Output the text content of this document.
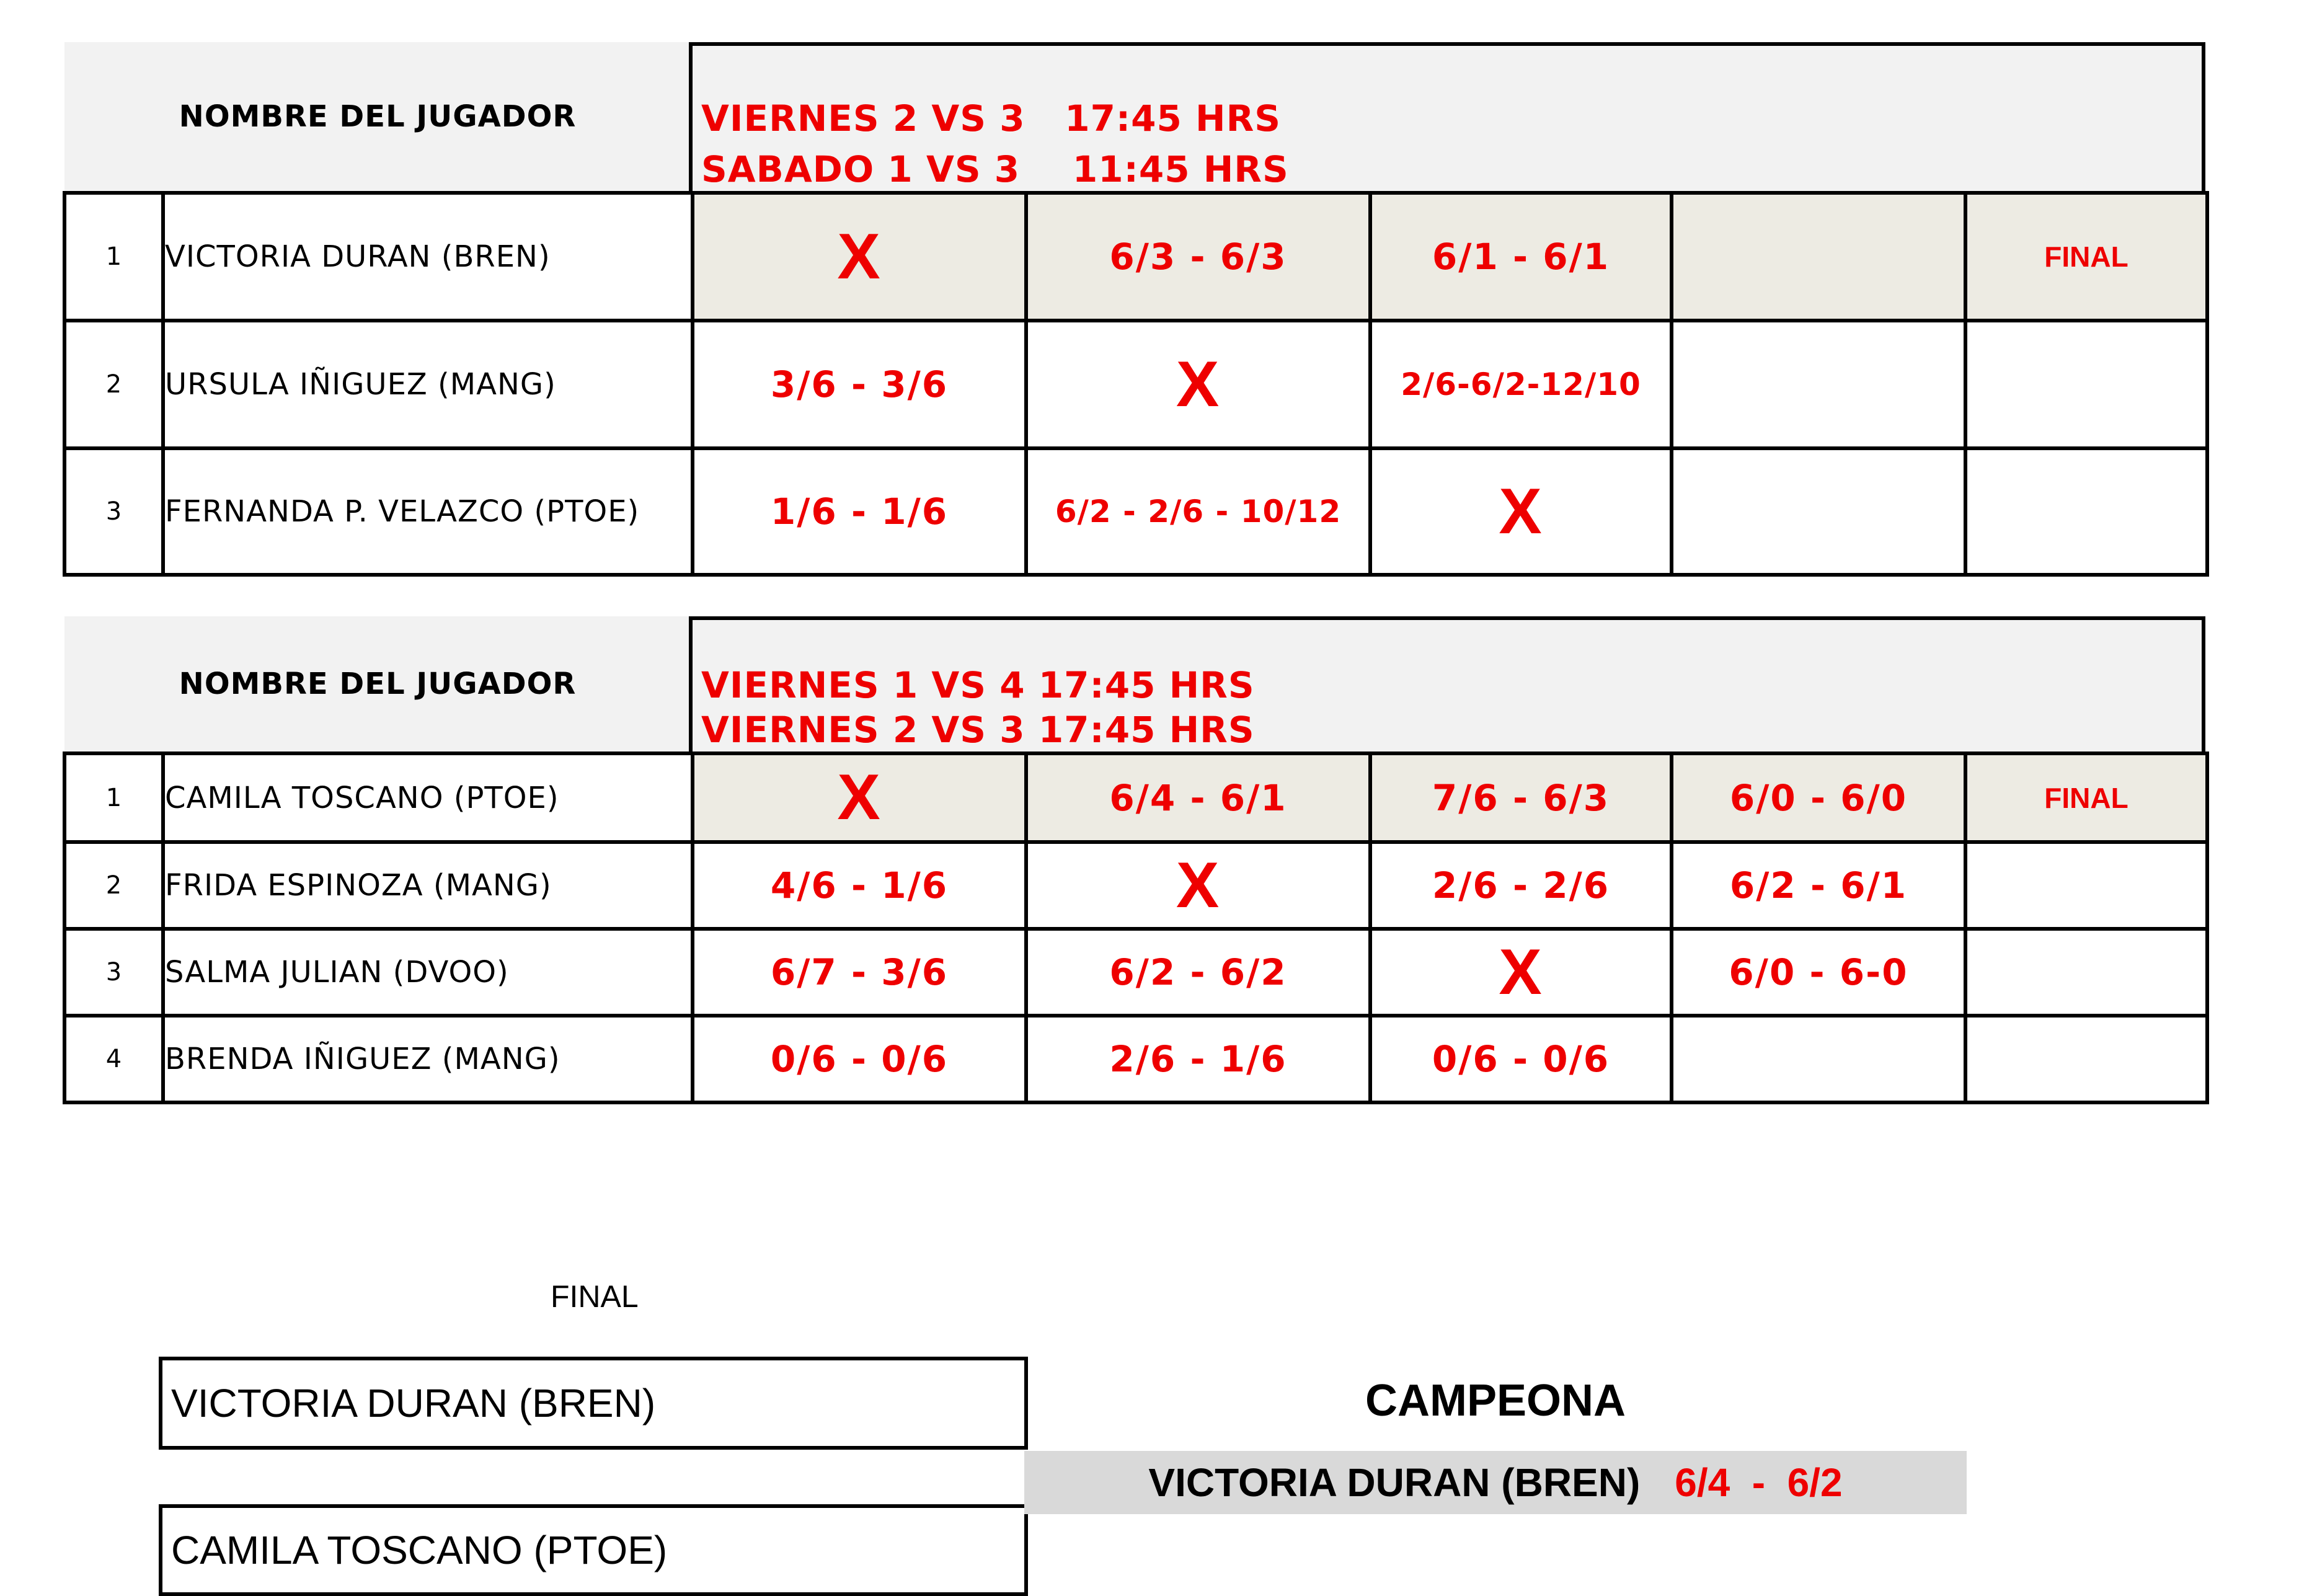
NOMBRE DEL JUGADOR	VIERNES 2 VS 3   17:45 HRS
SABADO 1 VS 3    11:45 HRS
1	VICTORIA DURAN (BREN)	X	6/3 - 6/3	6/1 - 6/1		FINAL
2	URSULA IÑIGUEZ (MANG)	3/6 - 3/6	X	2/6-6/2-12/10		
3	FERNANDA P. VELAZCO (PTOE)	1/6 - 1/6	6/2 - 2/6 - 10/12	X		
NOMBRE DEL JUGADOR	VIERNES 1 VS 4 17:45 HRS
VIERNES 2 VS 3 17:45 HRS
1	CAMILA TOSCANO (PTOE)	X	6/4 - 6/1	7/6 - 6/3	6/0 - 6/0	FINAL
2	FRIDA ESPINOZA (MANG)	4/6 - 1/6	X	2/6 - 2/6	6/2 - 6/1	
3	SALMA JULIAN (DVOO)	6/7 - 3/6	6/2 - 6/2	X	6/0 - 6-0	
4	BRENDA IÑIGUEZ (MANG)	0/6 - 0/6	2/6 - 1/6	0/6 - 0/6		
FINAL
VICTORIA DURAN (BREN)
CAMILA TOSCANO (PTOE)
CAMPEONA
VICTORIA DURAN (BREN) 6/4  -  6/2
